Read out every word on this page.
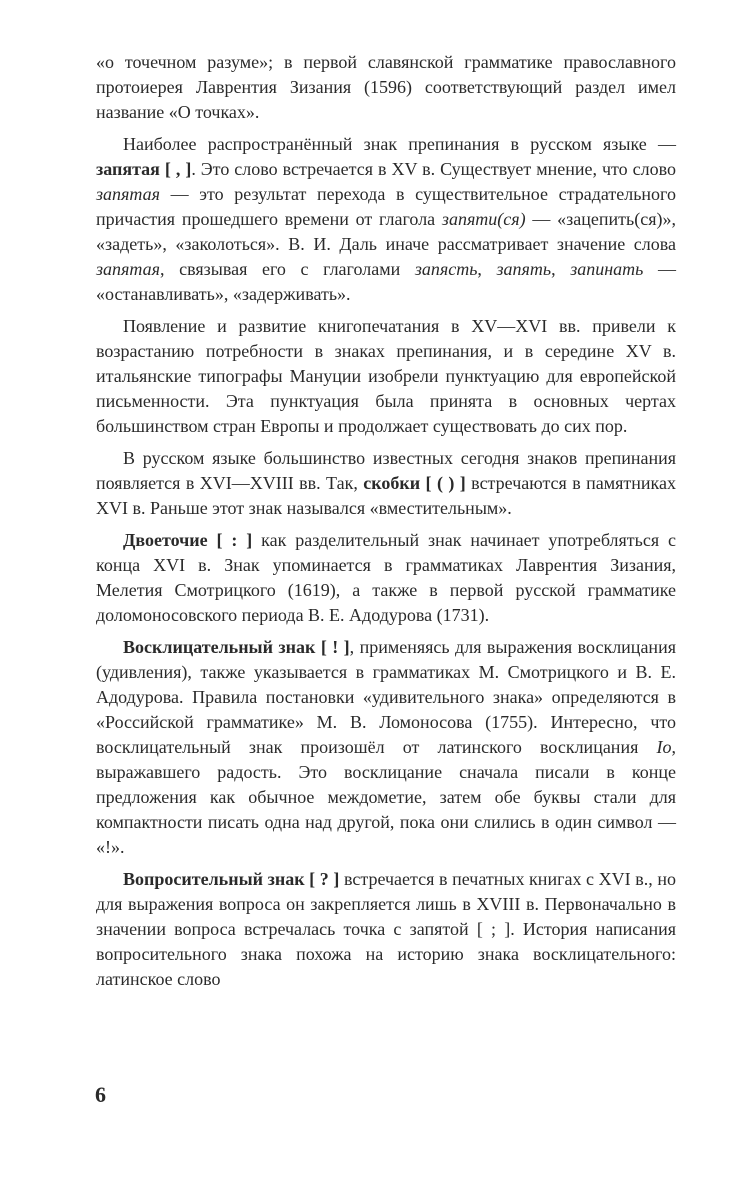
«о точечном разуме»; в первой славянской грамматике православного протоиерея Лаврентия Зизания (1596) соответствующий раздел имел название «О точках».

Наиболее распространённый знак препинания в русском языке — запятая [ , ]. Это слово встречается в XV в. Существует мнение, что слово запятая — это результат перехода в существительное страдательного причастия прошедшего времени от глагола запяти(ся) — «зацепить(ся)», «задеть», «заколоться». В. И. Даль иначе рассматривает значение слова запятая, связывая его с глаголами запясть, запять, запинать — «останавливать», «задерживать».

Появление и развитие книгопечатания в XV—XVI вв. привели к возрастанию потребности в знаках препинания, и в середине XV в. итальянские типографы Мануции изобрели пунктуацию для европейской письменности. Эта пунктуация была принята в основных чертах большинством стран Европы и продолжает существовать до сих пор.

В русском языке большинство известных сегодня знаков препинания появляется в XVI—XVIII вв. Так, скобки [ ( ) ] встречаются в памятниках XVI в. Раньше этот знак назывался «вместительным».

Двоеточие [ : ] как разделительный знак начинает употребляться с конца XVI в. Знак упоминается в грамматиках Лаврентия Зизания, Мелетия Смотрицкого (1619), а также в первой русской грамматике доломоносовского периода В. Е. Адодурова (1731).

Восклицательный знак [ ! ], применяясь для выражения восклицания (удивления), также указывается в грамматиках М. Смотрицкого и В. Е. Адодурова. Правила постановки «удивительного знака» определяются в «Российской грамматике» М. В. Ломоносова (1755). Интересно, что восклицательный знак произошёл от латинского восклицания Io, выражавшего радость. Это восклицание сначала писали в конце предложения как обычное междометие, затем обе буквы стали для компактности писать одна над другой, пока они слились в один символ — «!».

Вопросительный знак [ ? ] встречается в печатных книгах с XVI в., но для выражения вопроса он закрепляется лишь в XVIII в. Первоначально в значении вопроса встречалась точка с запятой [ ; ]. История написания вопросительного знака похожа на историю знака восклицательного: латинское слово

6
